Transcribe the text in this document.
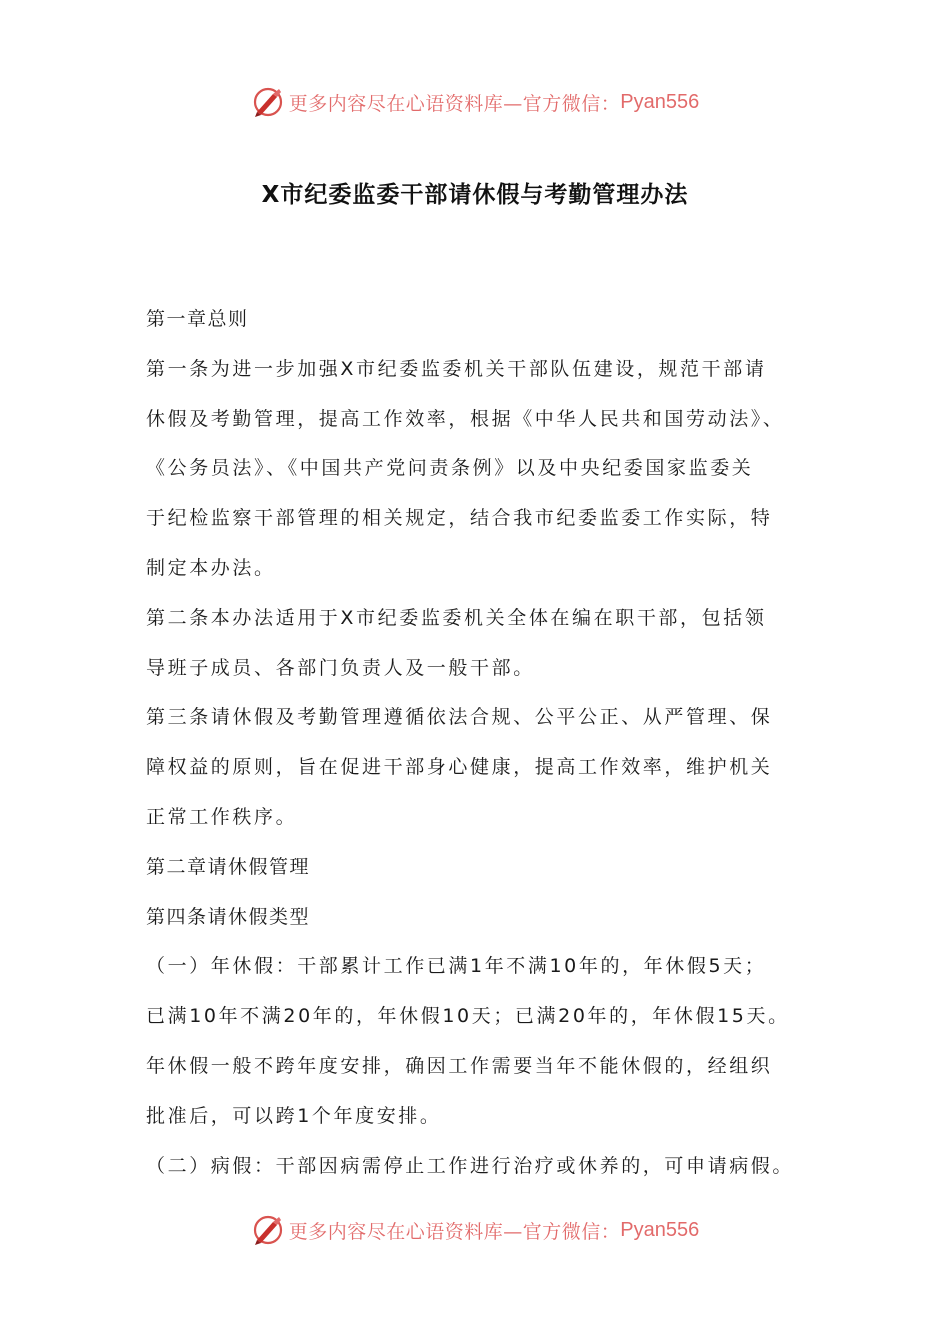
更多内容尽在心语资料库—官方微信： Pyan556
X市纪委监委干部请休假与考勤管理办法
第一章总则
第一条为进一步加强X市纪委监委机关干部队伍建设，规范干部请
休假及考勤管理，提高工作效率，根据《中华人民共和国劳动法》、
《公务员法》、《中国共产党问责条例》以及中央纪委国家监委关
于纪检监察干部管理的相关规定，结合我市纪委监委工作实际，特
制定本办法。
第二条本办法适用于X市纪委监委机关全体在编在职干部，包括领
导班子成员、各部门负责人及一般干部。
第三条请休假及考勤管理遵循依法合规、公平公正、从严管理、保
障权益的原则，旨在促进干部身心健康，提高工作效率，维护机关
正常工作秩序。
第二章请休假管理
第四条请休假类型
（一）年休假：干部累计工作已满1年不满10年的，年休假5天；
已满10年不满20年的，年休假10天；已满20年的，年休假15天。
年休假一般不跨年度安排，确因工作需要当年不能休假的，经组织
批准后，可以跨1个年度安排。
（二）病假：干部因病需停止工作进行治疗或休养的，可申请病假。
更多内容尽在心语资料库—官方微信： Pyan556
